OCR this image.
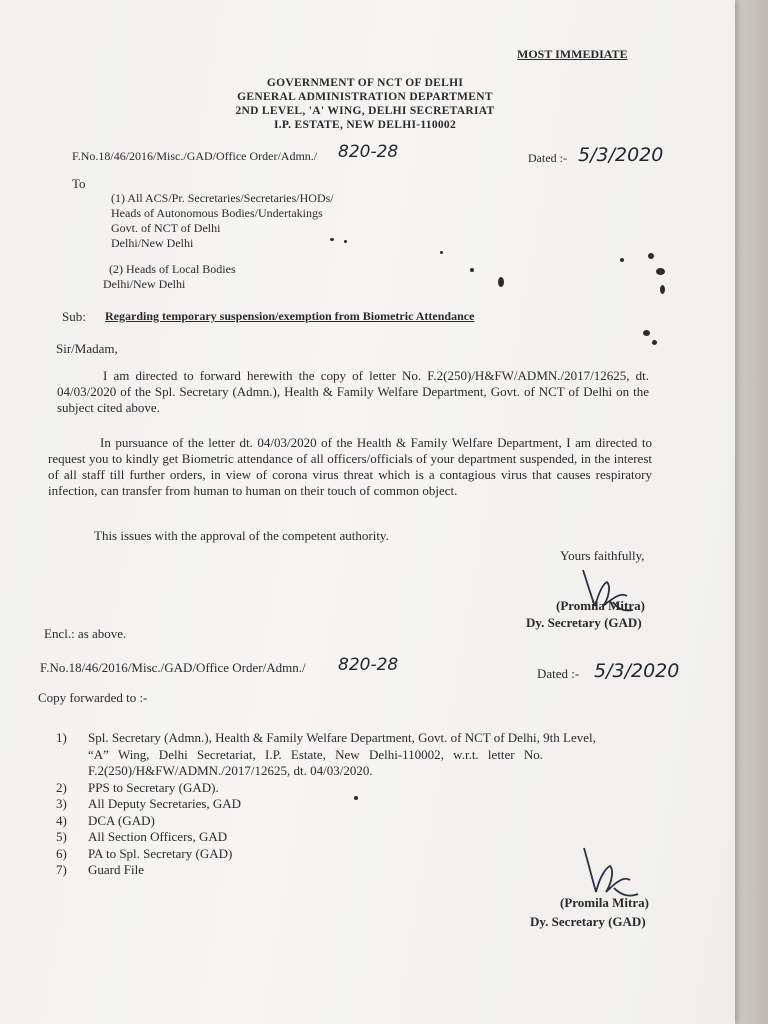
MOST IMMEDIATE
GOVERNMENT OF NCT OF DELHI
GENERAL ADMINISTRATION DEPARTMENT
2ND LEVEL, 'A' WING, DELHI SECRETARIAT
I.P. ESTATE, NEW DELHI-110002
F.No.18/46/2016/Misc./GAD/Office Order/Admn./ 820-28	Dated :- 5/3/2020
To
(1) All ACS/Pr. Secretaries/Secretaries/HODs/
Heads of Autonomous Bodies/Undertakings
Govt. of NCT of Delhi
Delhi/New Delhi
(2) Heads of Local Bodies
Delhi/New Delhi
Sub: Regarding temporary suspension/exemption from Biometric Attendance
Sir/Madam,
I am directed to forward herewith the copy of letter No. F.2(250)/H&FW/ADMN./2017/12625, dt. 04/03/2020 of the Spl. Secretary (Admn.), Health & Family Welfare Department, Govt. of NCT of Delhi on the subject cited above.
In pursuance of the letter dt. 04/03/2020 of the Health & Family Welfare Department, I am directed to request you to kindly get Biometric attendance of all officers/officials of your department suspended, in the interest of all staff till further orders, in view of corona virus threat which is a contagious virus that causes respiratory infection, can transfer from human to human on their touch of common object.
This issues with the approval of the competent authority.
Yours faithfully,
(Promila Mitra)
Dy. Secretary (GAD)
Encl.: as above.
F.No.18/46/2016/Misc./GAD/Office Order/Admn./ 820-28	Dated :- 5/3/2020
Copy forwarded to :-
1)	Spl. Secretary (Admn.), Health & Family Welfare Department, Govt. of NCT of Delhi, 9th Level,
“A” Wing, Delhi Secretariat, I.P. Estate, New Delhi-110002, w.r.t. letter No.
F.2(250)/H&FW/ADMN./2017/12625, dt. 04/03/2020.
2)	PPS to Secretary (GAD).
3)	All Deputy Secretaries, GAD
4)	DCA (GAD)
5)	All Section Officers, GAD
6)	PA to Spl. Secretary (GAD)
7)	Guard File
(Promila Mitra)
Dy. Secretary (GAD)
